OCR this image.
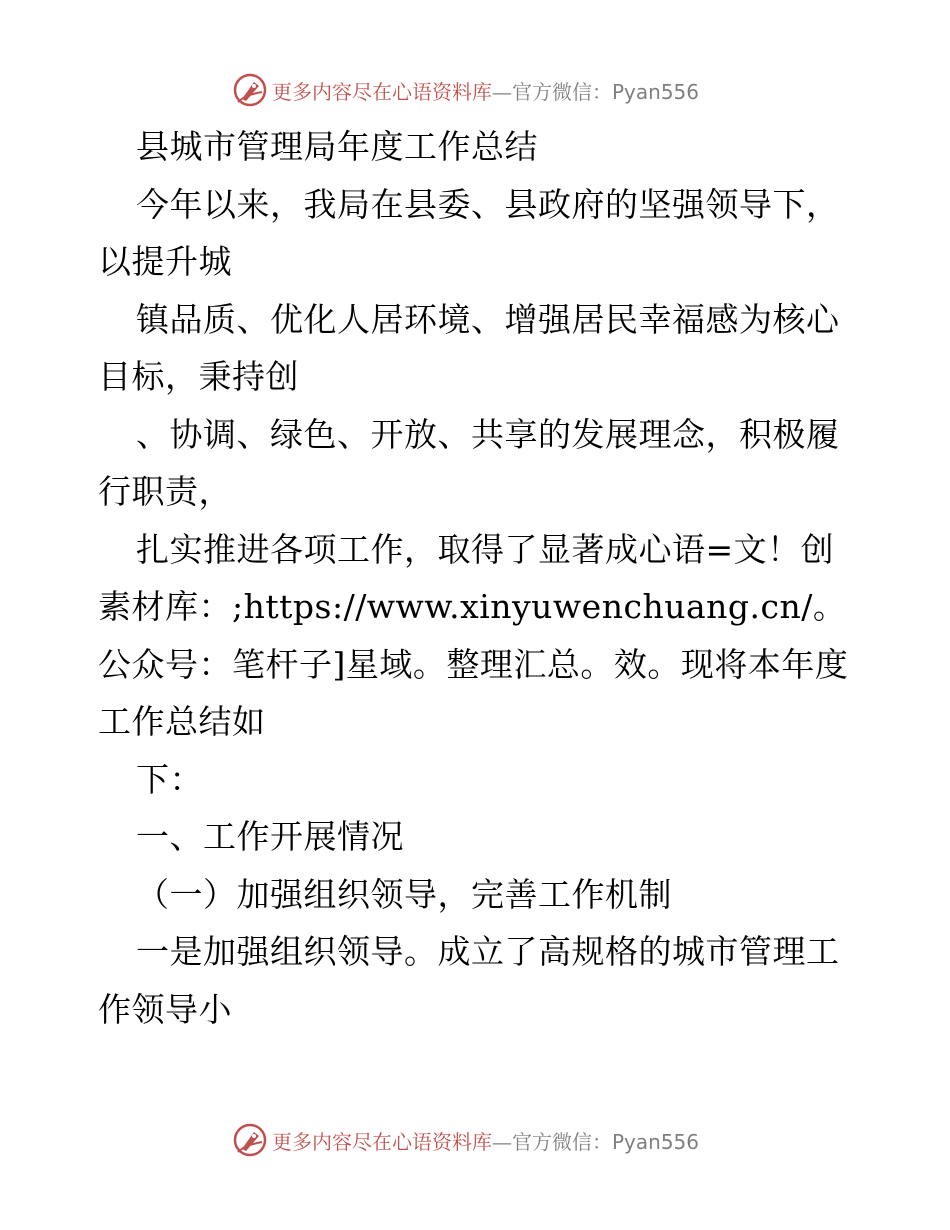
更多内容尽在心语资料库—官方微信：Pyan556

县城市管理局年度工作总结

今年以来，我局在县委、县政府的坚强领导下，以提升城

镇品质、优化人居环境、增强居民幸福感为核心目标，秉持创

、协调、绿色、开放、共享的发展理念，积极履行职责，

扎实推进各项工作，取得了显著成心语=文！创素材库：;https://www.xinyuwenchuang.cn/。公众号：笔杆子]星域。整理汇总。效。现将本年度工作总结如

下：

一、工作开展情况

（一）加强组织领导，完善工作机制

一是加强组织领导。成立了高规格的城市管理工作领导小

更多内容尽在心语资料库—官方微信：Pyan556
